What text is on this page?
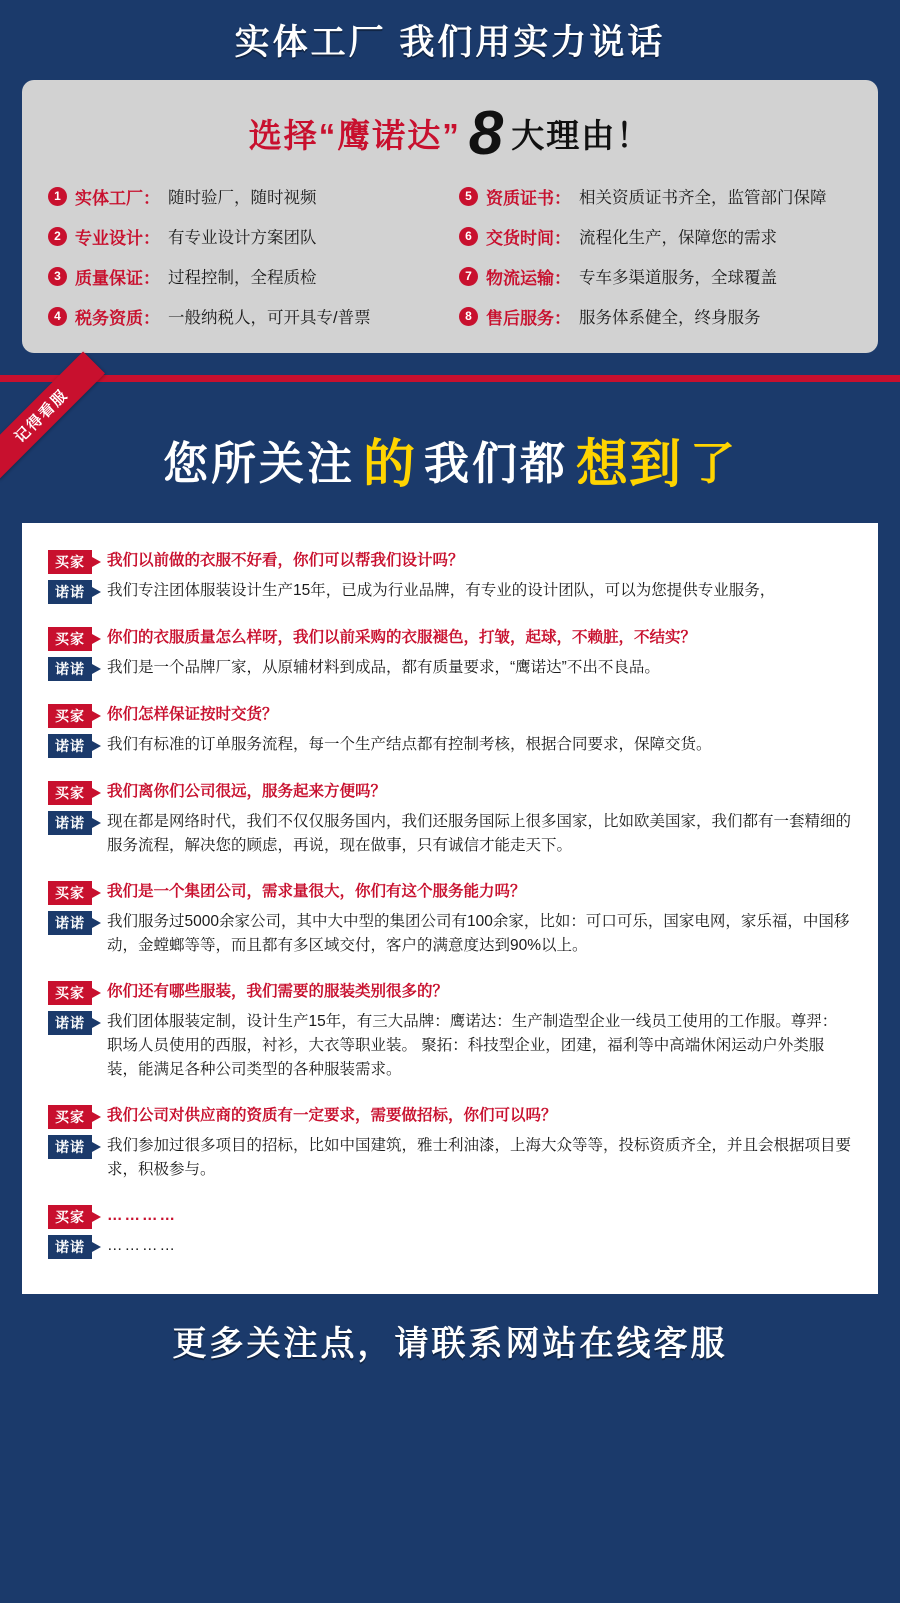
实体工厂 我们用实力说话
选择“鹰诺达” 8 大理由！
1 实体工厂： 随时验厂，随时视频	5 资质证书： 相关资质证书齐全，监管部门保障
2 专业设计： 有专业设计方案团队	6 交货时间： 流程化生产，保障您的需求
3 质量保证： 过程控制，全程质检	7 物流运输： 专车多渠道服务，全球覆盖
4 税务资质： 一般纳税人，可开具专/普票	8 售后服务： 服务体系健全，终身服务
记得看服
您所关注 的 我们都 想到 了
买家	我们以前做的衣服不好看，你们可以帮我们设计吗？
诺诺	我们专注团体服装设计生产15年，已成为行业品牌，有专业的设计团队，可以为您提供专业服务，
买家	你们的衣服质量怎么样呀，我们以前采购的衣服褪色，打皱，起球，不赖脏，不结实？
诺诺	我们是一个品牌厂家，从原辅材料到成品，都有质量要求，“鹰诺达”不出不良品。
买家	你们怎样保证按时交货？
诺诺	我们有标准的订单服务流程，每一个生产结点都有控制考核，根据合同要求，保障交货。
买家	我们离你们公司很远，服务起来方便吗？
诺诺	现在都是网络时代，我们不仅仅服务国内，我们还服务国际上很多国家，比如欧美国家，我们都有一套精细的服务流程，解决您的顾虑，再说，现在做事，只有诚信才能走天下。
买家	我们是一个集团公司，需求量很大，你们有这个服务能力吗？
诺诺	我们服务过5000余家公司，其中大中型的集团公司有100余家，比如：可口可乐，国家电网，家乐福，中国移动，金螳螂等等，而且都有多区域交付，客户的满意度达到90%以上。
买家	你们还有哪些服装，我们需要的服装类别很多的？
诺诺	我们团体服装定制，设计生产15年，有三大品牌：鹰诺达：生产制造型企业一线员工使用的工作服。尊羿：职场人员使用的西服，衬衫，大衣等职业装。 聚拓：科技型企业，团建，福利等中高端休闲运动户外类服装，能满足各种公司类型的各种服装需求。
买家	我们公司对供应商的资质有一定要求，需要做招标，你们可以吗？
诺诺	我们参加过很多项目的招标，比如中国建筑，雅士利油漆，上海大众等等，投标资质齐全，并且会根据项目要求，积极参与。
买家	…………
诺诺	…………
更多关注点，请联系网站在线客服
